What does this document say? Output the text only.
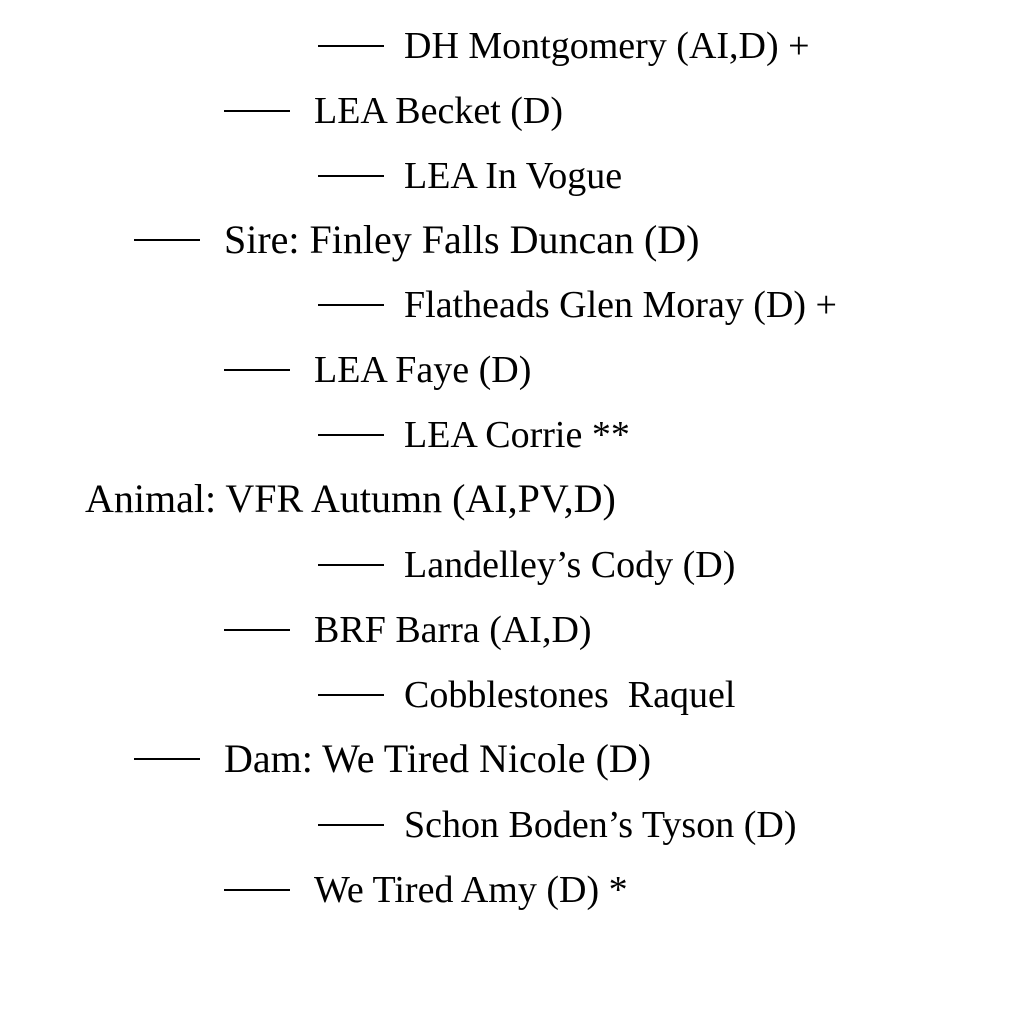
DH Montgomery (AI,D) +
LEA Becket (D)
LEA In Vogue
Sire: Finley Falls Duncan (D)
Flatheads Glen Moray (D) +
LEA Faye (D)
LEA Corrie **
Animal: VFR Autumn (AI,PV,D)
Landelley’s Cody (D)
BRF Barra (AI,D)
Cobblestones  Raquel
Dam: We Tired Nicole (D)
Schon Boden’s Tyson (D)
We Tired Amy (D) *
